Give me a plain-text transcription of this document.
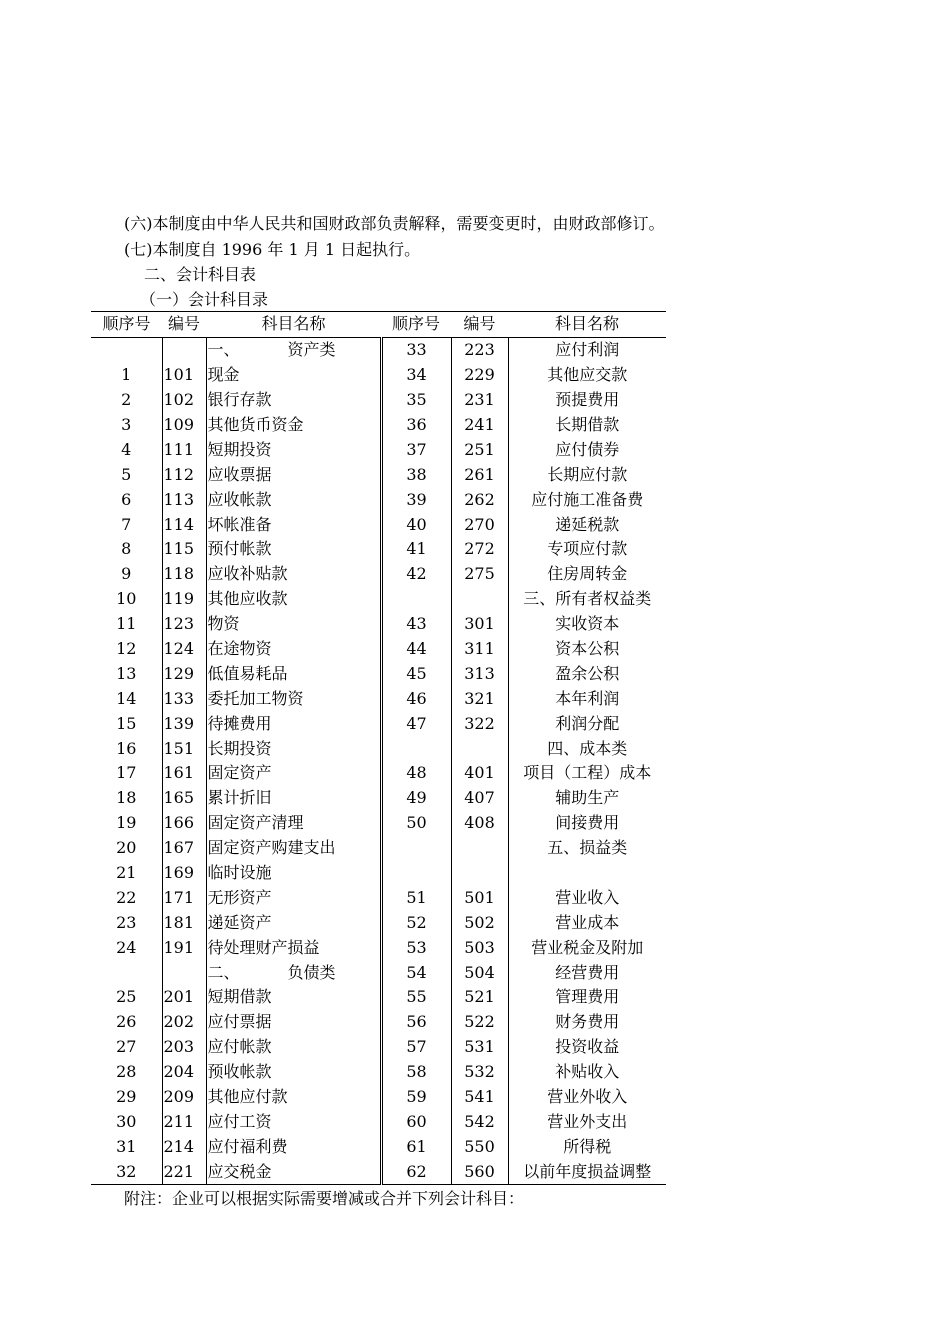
(六)本制度由中华人民共和国财政部负责解释，需要变更时，由财政部修订。
(七)本制度自 1996 年 1 月 1 日起执行。
二、会计科目表
（一）会计科目录
顺序号	编号	科目名称	顺序号	编号	科目名称
		一、 资产类	33	223	应付利润
1	101	现金	34	229	其他应交款
2	102	银行存款	35	231	预提费用
3	109	其他货币资金	36	241	长期借款
4	111	短期投资	37	251	应付债券
5	112	应收票据	38	261	长期应付款
6	113	应收帐款	39	262	应付施工准备费
7	114	坏帐准备	40	270	递延税款
8	115	预付帐款	41	272	专项应付款
9	118	应收补贴款	42	275	住房周转金
10	119	其他应收款			三、所有者权益类
11	123	物资	43	301	实收资本
12	124	在途物资	44	311	资本公积
13	129	低值易耗品	45	313	盈余公积
14	133	委托加工物资	46	321	本年利润
15	139	待摊费用	47	322	利润分配
16	151	长期投资			四、成本类
17	161	固定资产	48	401	项目（工程）成本
18	165	累计折旧	49	407	辅助生产
19	166	固定资产清理	50	408	间接费用
20	167	固定资产购建支出			五、损益类
21	169	临时设施			
22	171	无形资产	51	501	营业收入
23	181	递延资产	52	502	营业成本
24	191	待处理财产损益	53	503	营业税金及附加
		二、 负债类	54	504	经营费用
25	201	短期借款	55	521	管理费用
26	202	应付票据	56	522	财务费用
27	203	应付帐款	57	531	投资收益
28	204	预收帐款	58	532	补贴收入
29	209	其他应付款	59	541	营业外收入
30	211	应付工资	60	542	营业外支出
31	214	应付福利费	61	550	所得税
32	221	应交税金	62	560	以前年度损益调整
附注：企业可以根据实际需要增减或合并下列会计科目：
